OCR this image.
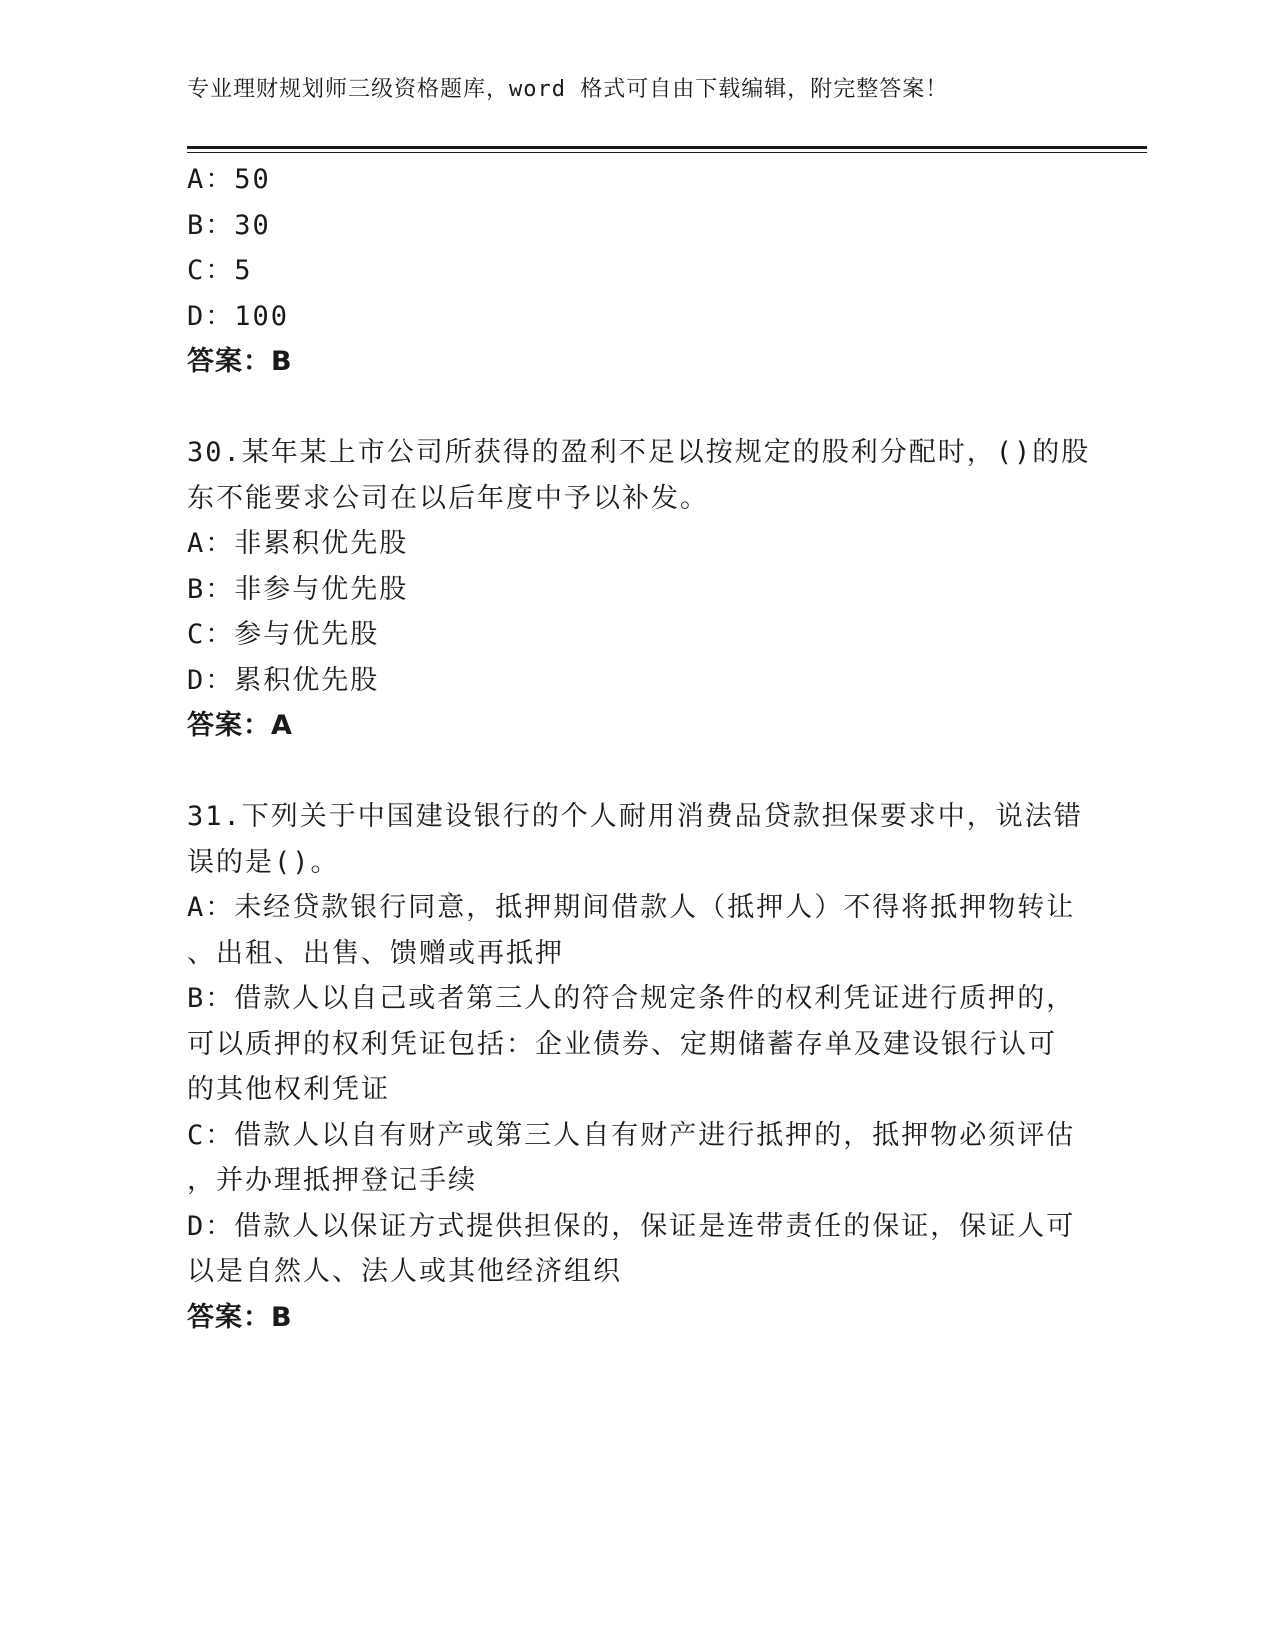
专业理财规划师三级资格题库，word 格式可自由下载编辑，附完整答案！

A：50

B：30

C：5

D：100

答案：B

30.某年某上市公司所获得的盈利不足以按规定的股利分配时，()的股

东不能要求公司在以后年度中予以补发。

A：非累积优先股

B：非参与优先股

C：参与优先股

D：累积优先股

答案：A

31.下列关于中国建设银行的个人耐用消费品贷款担保要求中，说法错

误的是()。

A：未经贷款银行同意，抵押期间借款人（抵押人）不得将抵押物转让

、出租、出售、馈赠或再抵押

B：借款人以自己或者第三人的符合规定条件的权利凭证进行质押的，

可以质押的权利凭证包括：企业债券、定期储蓄存单及建设银行认可

的其他权利凭证

C：借款人以自有财产或第三人自有财产进行抵押的，抵押物必须评估

，并办理抵押登记手续

D：借款人以保证方式提供担保的，保证是连带责任的保证，保证人可

以是自然人、法人或其他经济组织

答案：B
